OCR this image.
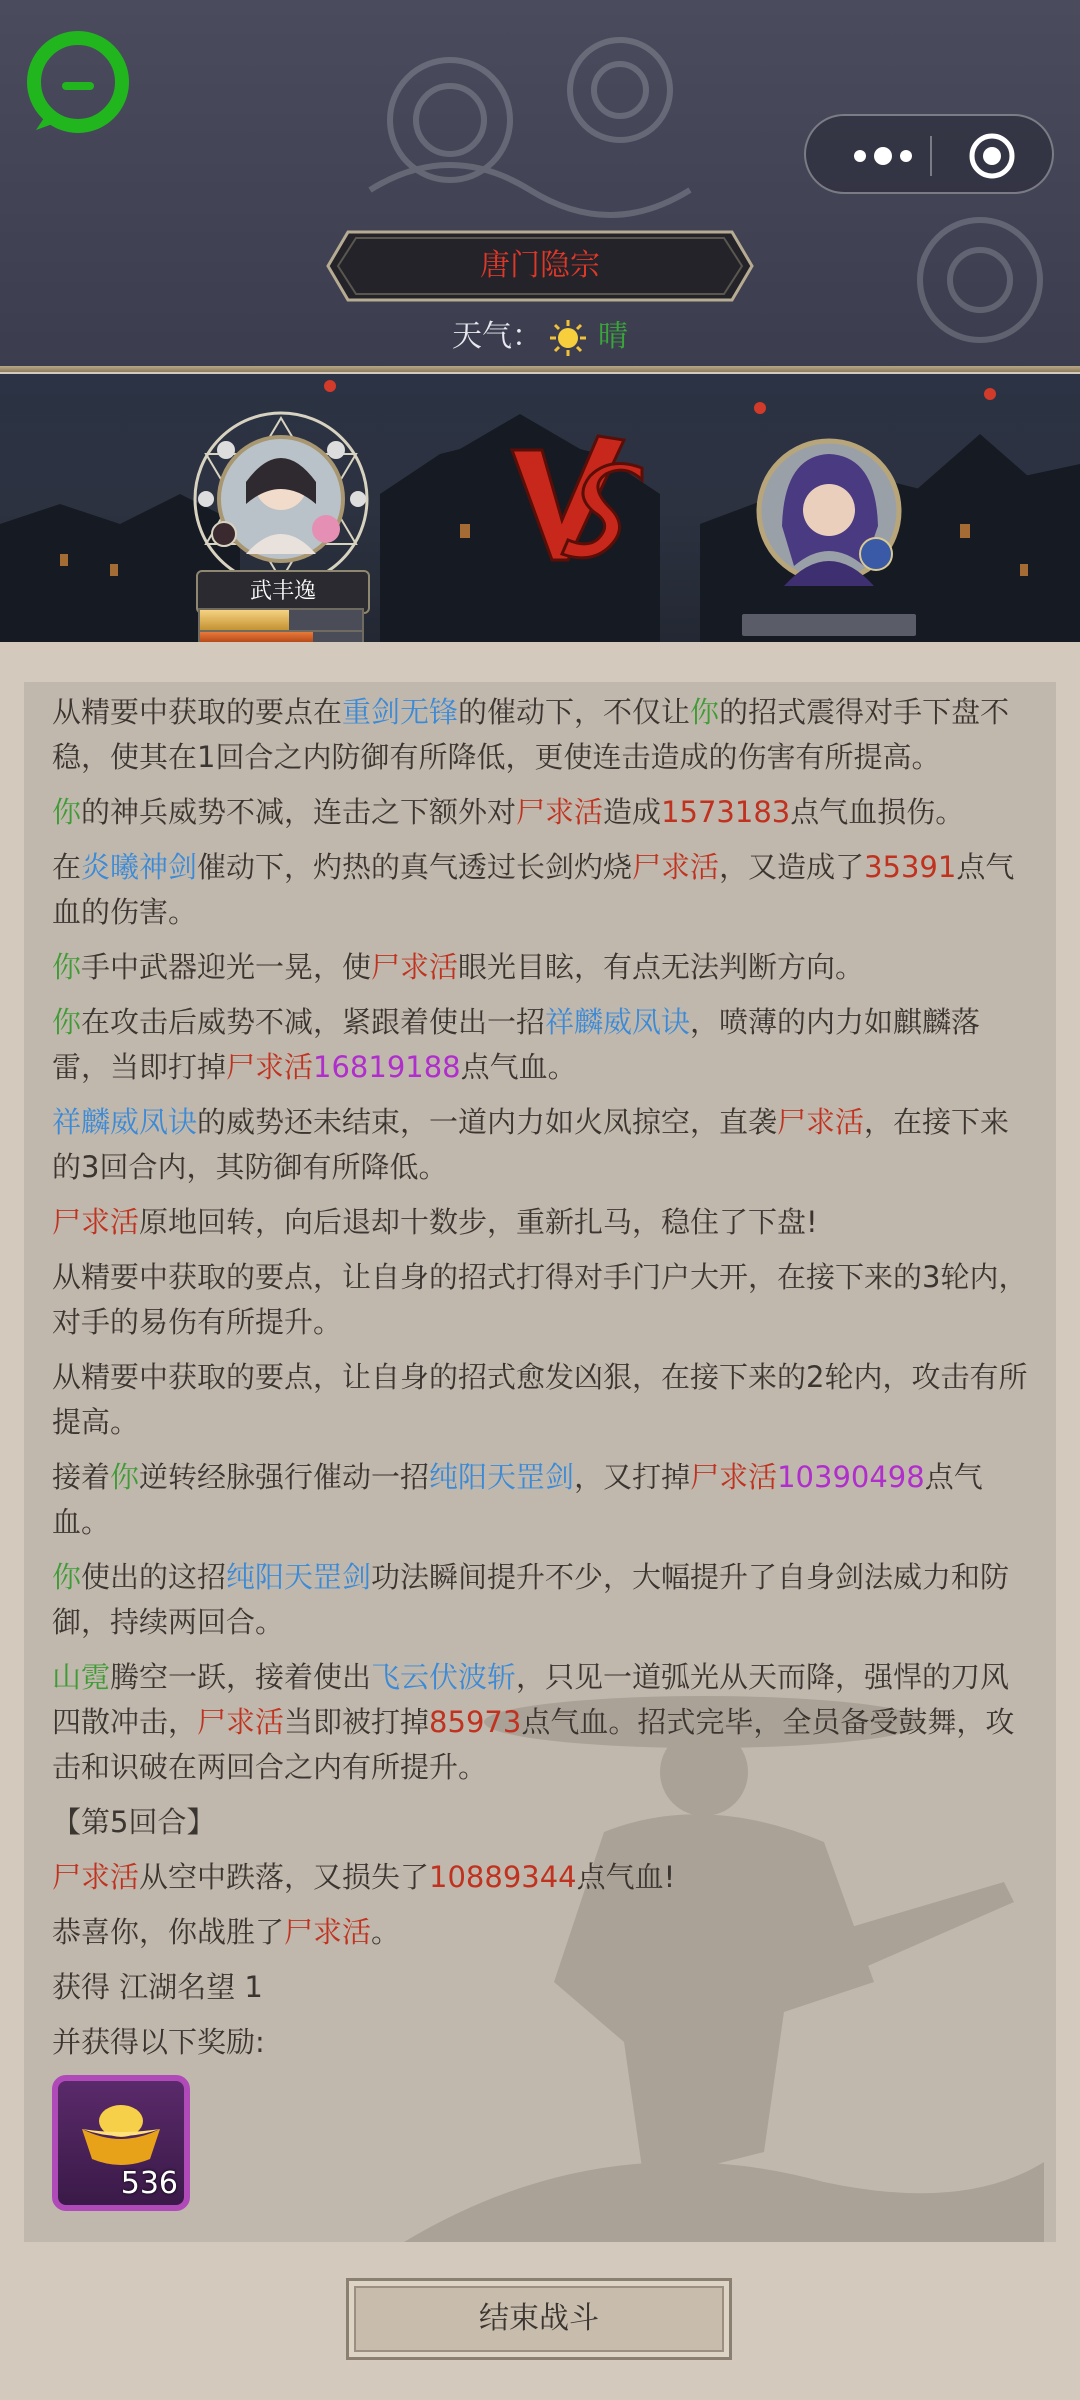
唐门隐宗
天气： 晴
武丰逸

从精要中获取的要点在重剑无锋的催动下，不仅让你的招式震得对手下盘不稳，使其在1回合之内防御有所降低，更使连击造成的伤害有所提高。

你的神兵威势不减，连击之下额外对尸求活造成1573183点气血损伤。

在炎曦神剑催动下，灼热的真气透过长剑灼烧尸求活，又造成了35391点气血的伤害。

你手中武器迎光一晃，使尸求活眼光目眩，有点无法判断方向。

你在攻击后威势不减，紧跟着使出一招祥麟威凤诀，喷薄的内力如麒麟落雷，当即打掉尸求活16819188点气血。

祥麟威凤诀的威势还未结束，一道内力如火凤掠空，直袭尸求活，在接下来的3回合内，其防御有所降低。

尸求活原地回转，向后退却十数步，重新扎马，稳住了下盘!

从精要中获取的要点，让自身的招式打得对手门户大开，在接下来的3轮内，对手的易伤有所提升。

从精要中获取的要点，让自身的招式愈发凶狠，在接下来的2轮内，攻击有所提高。

接着你逆转经脉强行催动一招纯阳天罡剑，又打掉尸求活10390498点气血。

你使出的这招纯阳天罡剑功法瞬间提升不少，大幅提升了自身剑法威力和防御，持续两回合。

山霓腾空一跃，接着使出飞云伏波斩，只见一道弧光从天而降，强悍的刀风四散冲击，尸求活当即被打掉85973点气血。招式完毕，全员备受鼓舞，攻击和识破在两回合之内有所提升。

【第5回合】

尸求活从空中跌落，又损失了10889344点气血!

恭喜你，你战胜了尸求活。

获得 江湖名望 1

并获得以下奖励:

536
结束战斗
